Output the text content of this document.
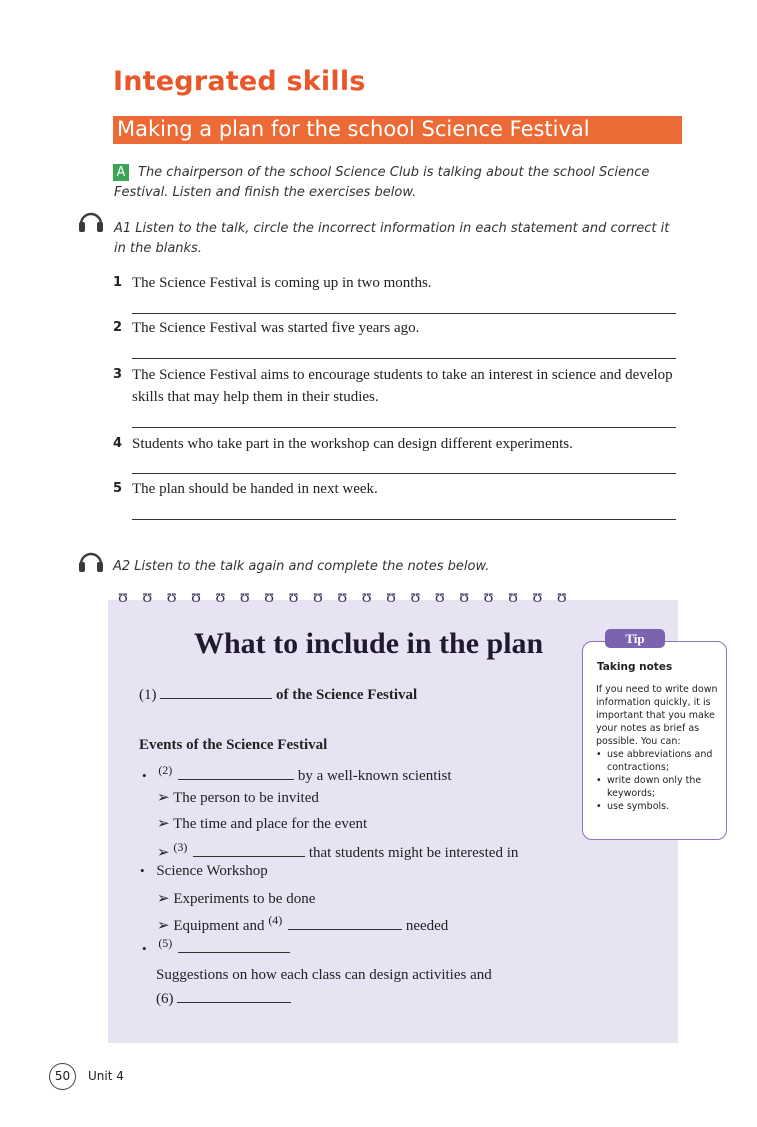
Integrated skills
Making a plan for the school Science Festival
A The chairperson of the school Science Club is talking about the school Science Festival. Listen and finish the exercises below.
A1 Listen to the talk, circle the incorrect information in each statement and correct it in the blanks.
1 The Science Festival is coming up in two months.
2 The Science Festival was started five years ago.
3 The Science Festival aims to encourage students to take an interest in science and develop skills that may help them in their studies.
4 Students who take part in the workshop can design different experiments.
5 The plan should be handed in next week.
A2 Listen to the talk again and complete the notes below.
ʊ ʊ ʊ ʊ ʊ ʊ ʊ ʊ ʊ ʊ ʊ ʊ ʊ ʊ ʊ ʊ ʊ ʊ ʊ
What to include in the plan
(1)	of the Science Festival
Events of the Science Festival
• $^{(2)}$	by a well-known scientist
➢ The person to be invited
➢ The time and place for the event
➢ $^{(3)}$	that students might be interested in
• Science Workshop
➢ Experiments to be done
➢ Equipment and $^{(4)}$	needed
• $^{(5)}$
Suggestions on how each class can design activities and
(6)
Tip
Taking notes
If you need to write down information quickly, it is important that you make your notes as brief as possible. You can:
• use abbreviations and contractions;
• write down only the keywords;
• use symbols.
50	Unit 4
